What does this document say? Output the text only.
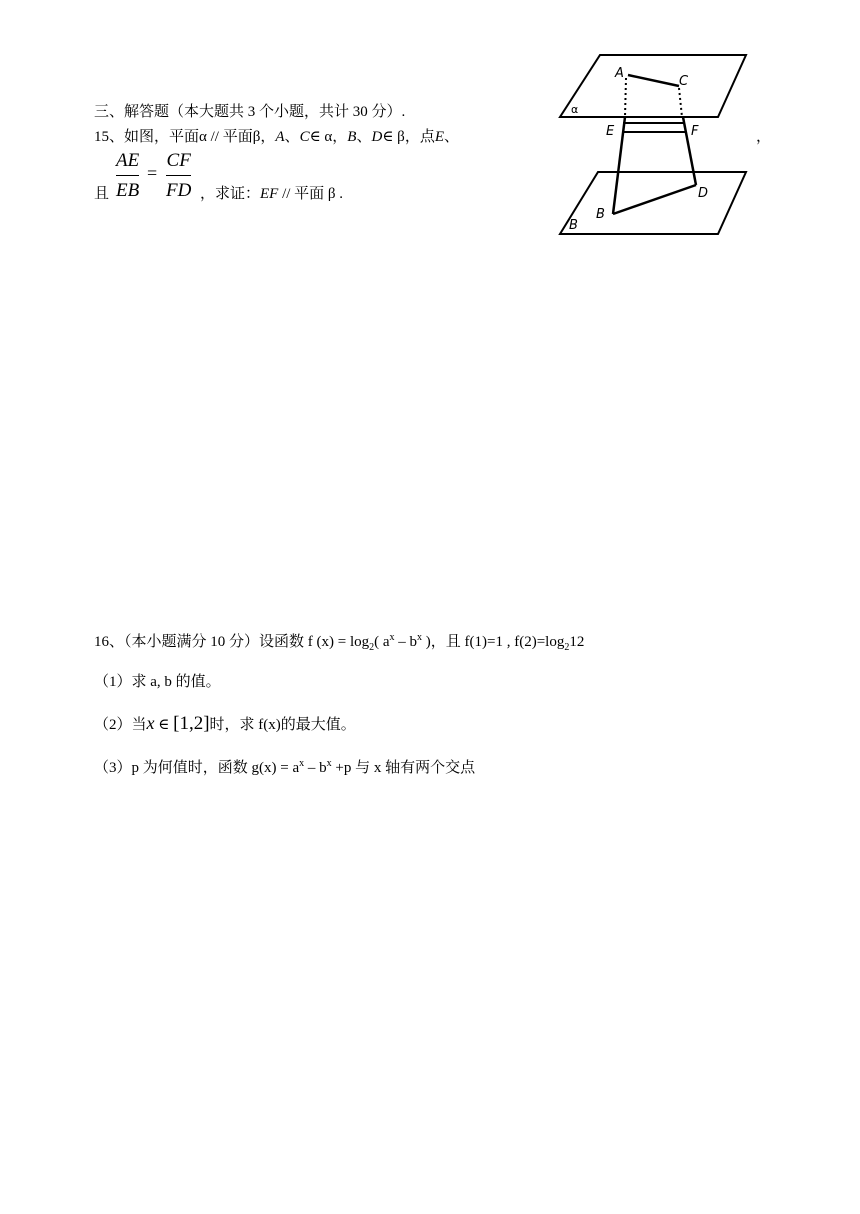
三、解答题（本大题共 3 个小题，共计 30 分）.
15、如图，平面α // 平面β，A、C∈ α，B、D∈ β，点E、	，
且
AE
EB
=
CF
FD ，求证：EF // 平面 β .
A
C
α
E	F
B
D
B
16、（本小题满分 10 分）设函数 f $(x) = \log_2$( $a^x - b^x$ )，且 f(1)=1 , $f(2)=\log_212$
（1）求 a, b 的值。
（2）当x ∈ [1,2]时，求 f(x)的最大值。
（3）p 为何值时，函数 $g(x) = a^x - b^x +p$ 与 x 轴有两个交点
